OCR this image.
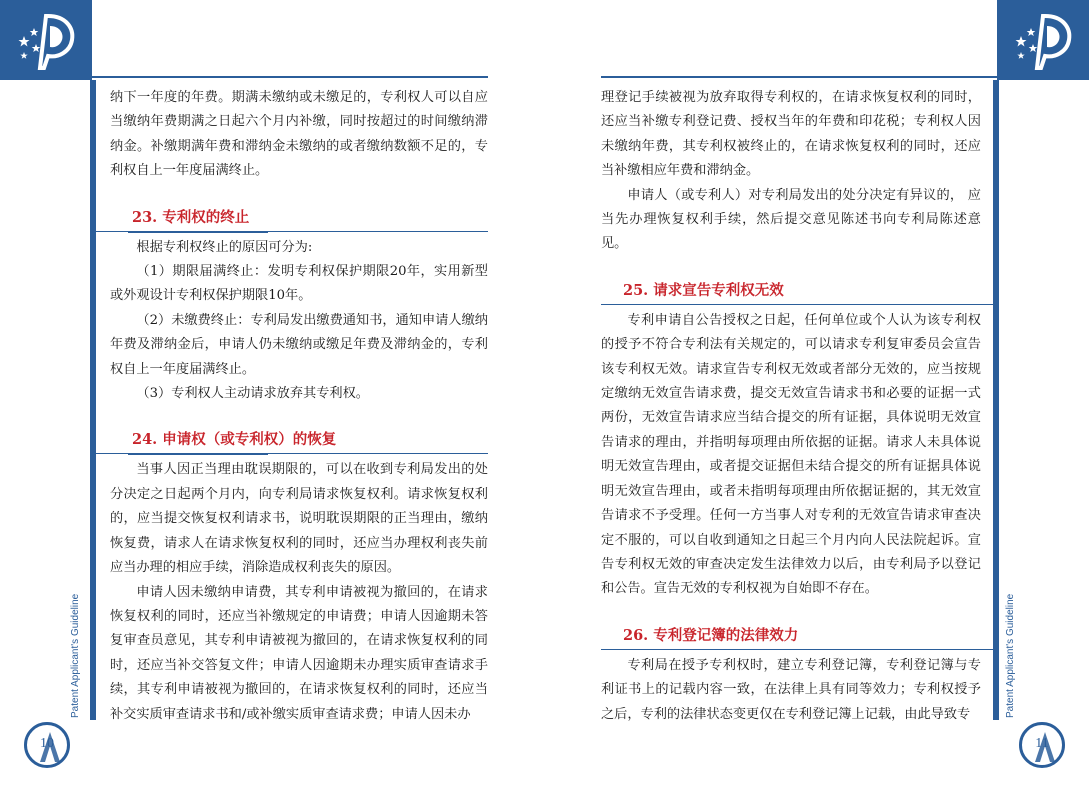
Patent Applicant's Guideline

纳下一年度的年费。期满未缴纳或未缴足的，专利权人可以自应当缴纳年费期满之日起六个月内补缴，同时按超过的时间缴纳滞纳金。补缴期满年费和滞纳金未缴纳的或者缴纳数额不足的，专利权自上一年度届满终止。

23. 专利权的终止

根据专利权终止的原因可分为:

（1）期限届满终止：发明专利权保护期限20年，实用新型或外观设计专利权保护期限10年。

（2）未缴费终止：专利局发出缴费通知书，通知申请人缴纳年费及滞纳金后，申请人仍未缴纳或缴足年费及滞纳金的，专利权自上一年度届满终止。

（3）专利权人主动请求放弃其专利权。

24. 申请权（或专利权）的恢复

当事人因正当理由耽误期限的，可以在收到专利局发出的处分决定之日起两个月内，向专利局请求恢复权利。请求恢复权利的，应当提交恢复权利请求书，说明耽误期限的正当理由，缴纳恢复费，请求人在请求恢复权利的同时，还应当办理权利丧失前应当办理的相应手续，消除造成权利丧失的原因。

申请人因未缴纳申请费，其专利申请被视为撤回的，在请求恢复权利的同时，还应当补缴规定的申请费；申请人因逾期未答复审查员意见，其专利申请被视为撤回的，在请求恢复权利的同时，还应当补交答复文件；申请人因逾期未办理实质审查请求手续，其专利申请被视为撤回的，在请求恢复权利的同时，还应当补交实质审查请求书和/或补缴实质审查请求费；申请人因未办

10
Patent Applicant's Guideline

理登记手续被视为放弃取得专利权的，在请求恢复权利的同时，还应当补缴专利登记费、授权当年的年费和印花税；专利权人因未缴纳年费，其专利权被终止的，在请求恢复权利的同时，还应当补缴相应年费和滞纳金。

申请人（或专利人）对专利局发出的处分决定有异议的， 应当先办理恢复权利手续，然后提交意见陈述书向专利局陈述意见。

25. 请求宣告专利权无效

专利申请自公告授权之日起，任何单位或个人认为该专利权的授予不符合专利法有关规定的，可以请求专利复审委员会宣告该专利权无效。请求宣告专利权无效或者部分无效的，应当按规定缴纳无效宣告请求费，提交无效宣告请求书和必要的证据一式两份，无效宣告请求应当结合提交的所有证据，具体说明无效宣告请求的理由，并指明每项理由所依据的证据。请求人未具体说明无效宣告理由，或者提交证据但未结合提交的所有证据具体说明无效宣告理由，或者未指明每项理由所依据证据的，其无效宣告请求不予受理。任何一方当事人对专利的无效宣告请求审查决定不服的，可以自收到通知之日起三个月内向人民法院起诉。宣告专利权无效的审查决定发生法律效力以后，由专利局予以登记和公告。宣告无效的专利权视为自始即不存在。

26. 专利登记簿的法律效力

专利局在授予专利权时，建立专利登记簿，专利登记簿与专利证书上的记载内容一致，在法律上具有同等效力；专利权授予之后，专利的法律状态变更仅在专利登记簿上记载，由此导致专

11
